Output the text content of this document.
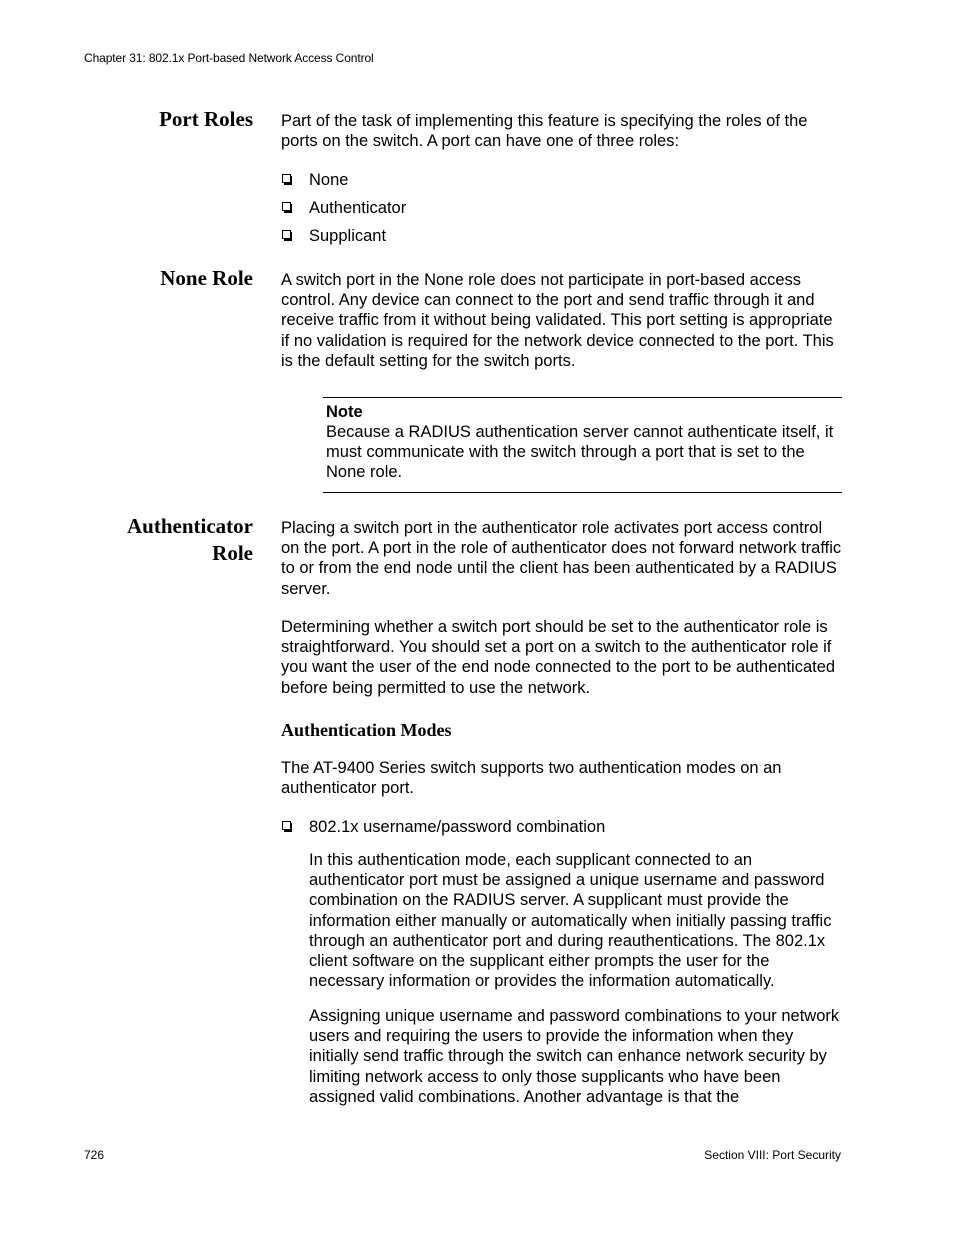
Chapter 31: 802.1x Port-based Network Access Control
Port Roles Part of the task of implementing this feature is specifying the roles of the ports on the switch. A port can have one of three roles:
None
Authenticator
Supplicant
None Role A switch port in the None role does not participate in port-based access control. Any device can connect to the port and send traffic through it and receive traffic from it without being validated. This port setting is appropriate if no validation is required for the network device connected to the port. This is the default setting for the switch ports.
Note
Because a RADIUS authentication server cannot authenticate itself, it must communicate with the switch through a port that is set to the None role.
Authenticator
Role
Placing a switch port in the authenticator role activates port access control on the port. A port in the role of authenticator does not forward network traffic to or from the end node until the client has been authenticated by a RADIUS server.
Determining whether a switch port should be set to the authenticator role is straightforward. You should set a port on a switch to the authenticator role if you want the user of the end node connected to the port to be authenticated before being permitted to use the network.
Authentication Modes
The AT-9400 Series switch supports two authentication modes on an authenticator port.
802.1x username/password combination
In this authentication mode, each supplicant connected to an authenticator port must be assigned a unique username and password combination on the RADIUS server. A supplicant must provide the information either manually or automatically when initially passing traffic through an authenticator port and during reauthentications. The 802.1x client software on the supplicant either prompts the user for the necessary information or provides the information automatically.
Assigning unique username and password combinations to your network users and requiring the users to provide the information when they initially send traffic through the switch can enhance network security by limiting network access to only those supplicants who have been assigned valid combinations. Another advantage is that the
726	Section VIII: Port Security
